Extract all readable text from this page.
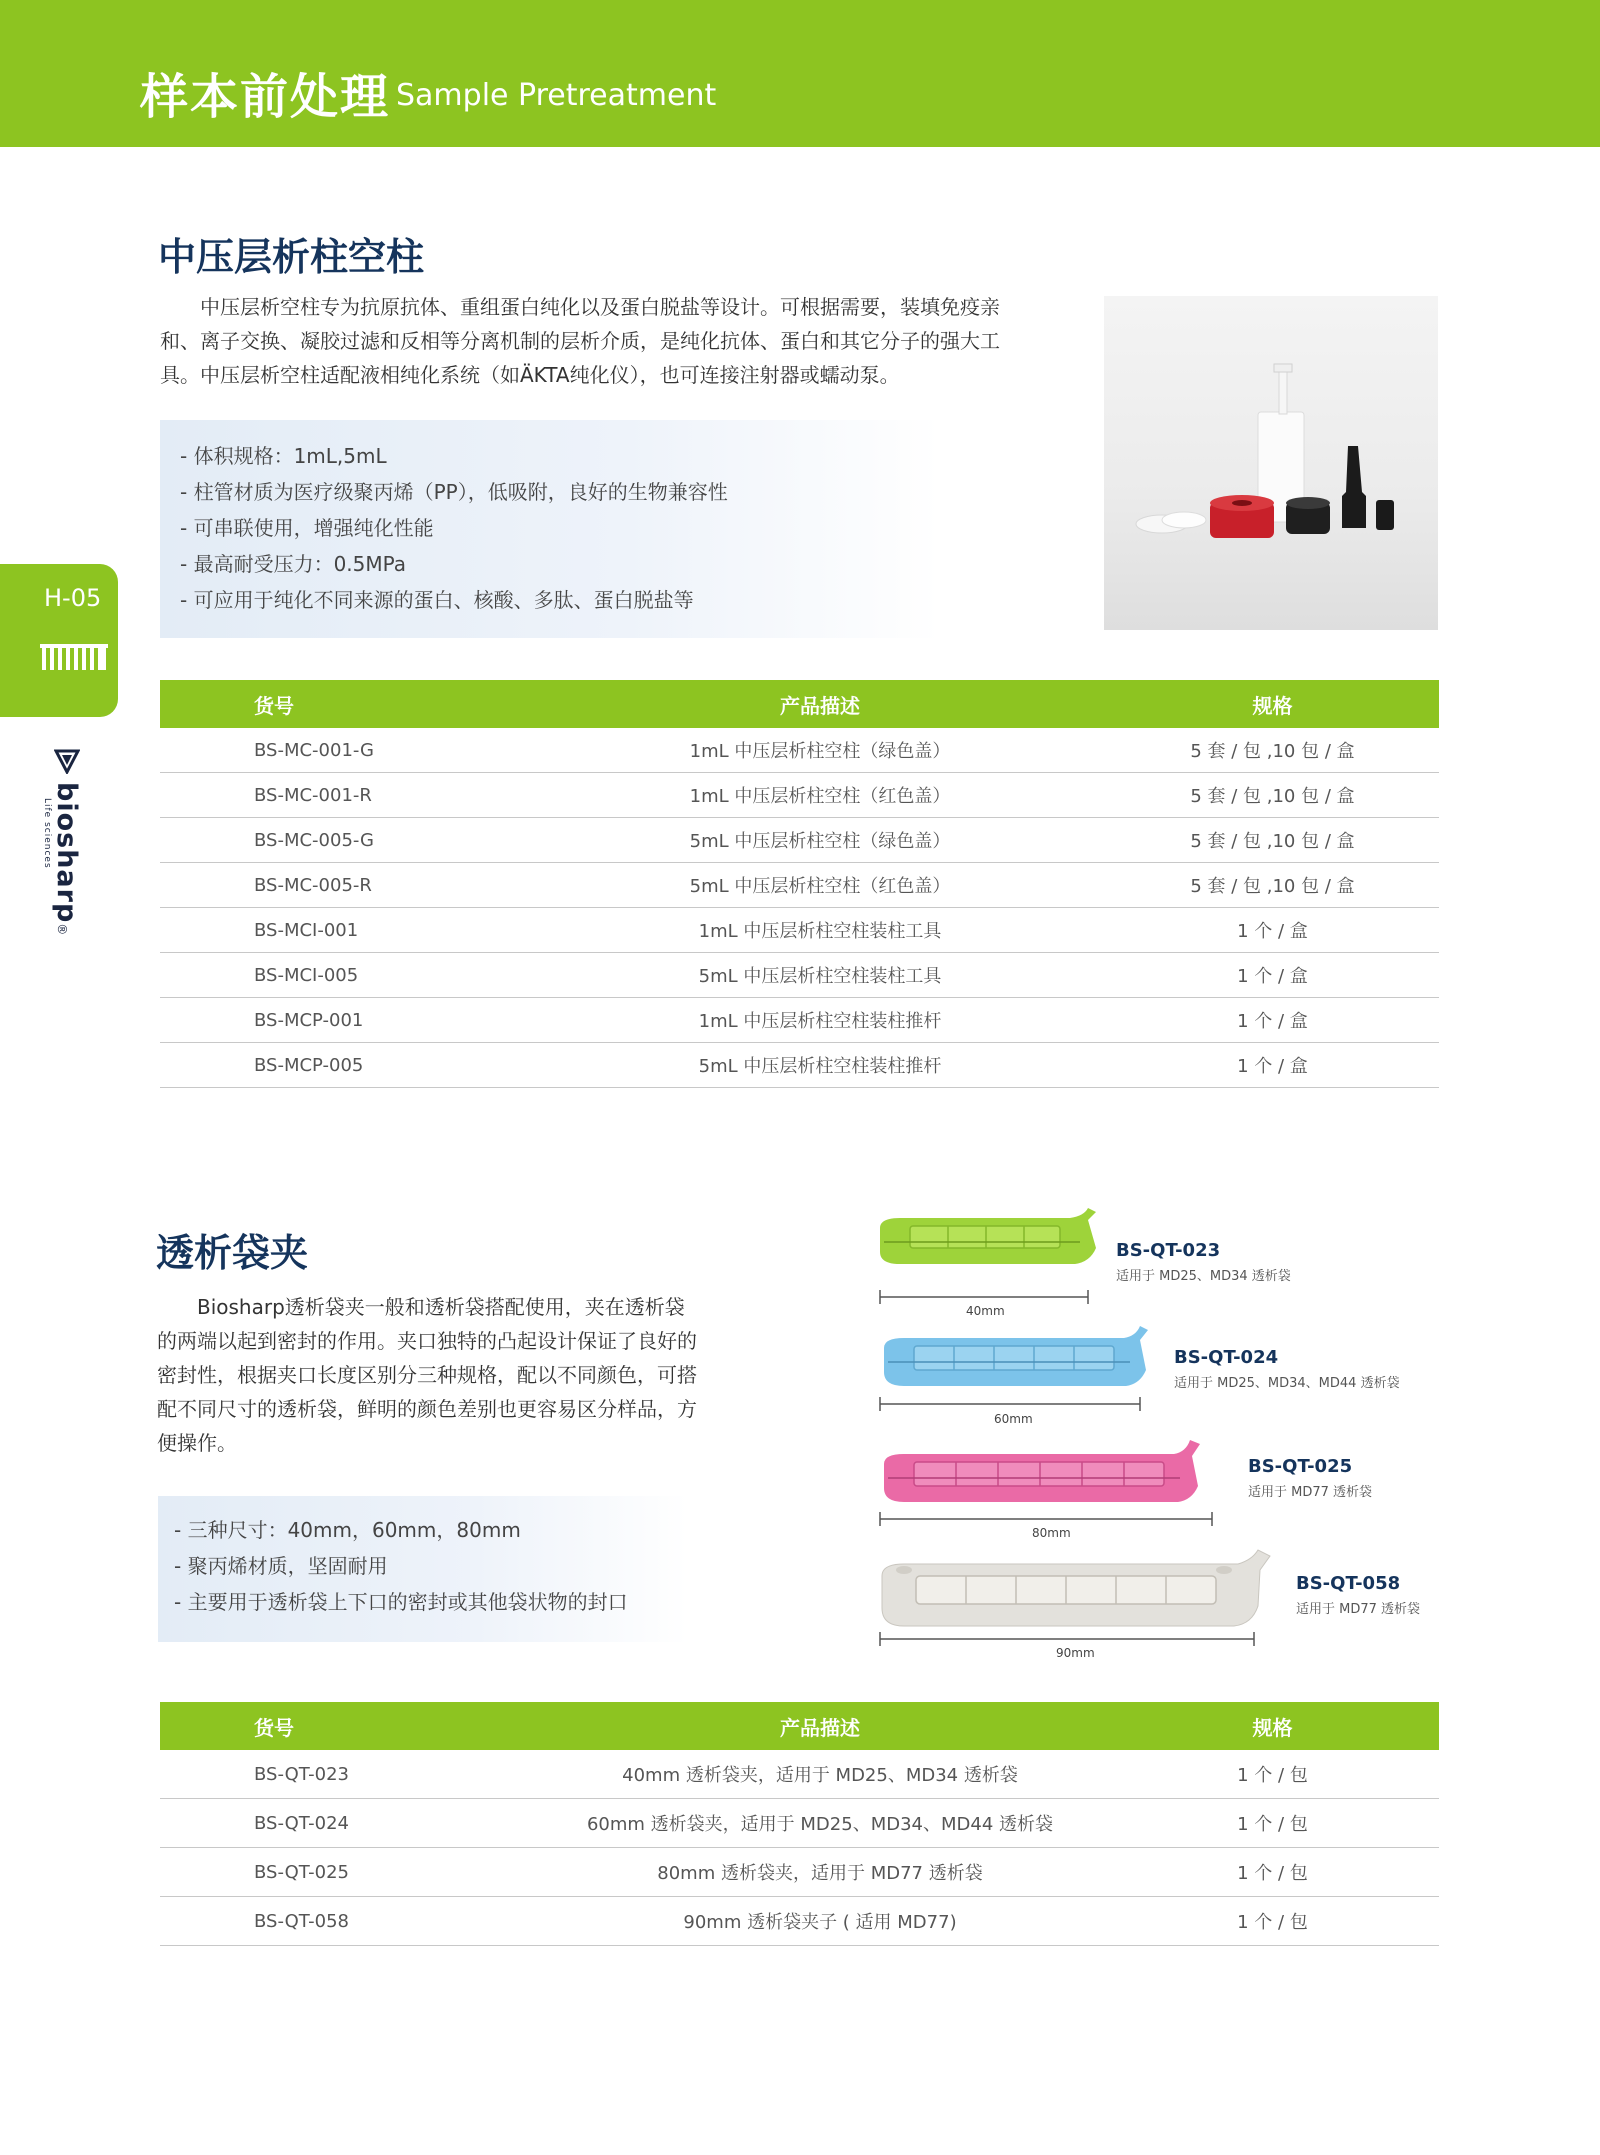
样本前处理 Sample Pretreatment
H-05
biosharp®
Life sciences
中压层析柱空柱

中压层析空柱专为抗原抗体、重组蛋白纯化以及蛋白脱盐等设计。可根据需要，装填免疫亲和、离子交换、凝胶过滤和反相等分离机制的层析介质，是纯化抗体、蛋白和其它分子的强大工具。中压层析空柱适配液相纯化系统（如ÄKTA纯化仪），也可连接注射器或蠕动泵。

- 体积规格：1mL,5mL
- 柱管材质为医疗级聚丙烯（PP），低吸附，良好的生物兼容性
- 可串联使用，增强纯化性能
- 最高耐受压力：0.5MPa
- 可应用于纯化不同来源的蛋白、核酸、多肽、蛋白脱盐等
货号	产品描述	规格
BS-MC-001-G	1mL 中压层析柱空柱（绿色盖）	5 套 / 包 ,10 包 / 盒
BS-MC-001-R	1mL 中压层析柱空柱（红色盖）	5 套 / 包 ,10 包 / 盒
BS-MC-005-G	5mL 中压层析柱空柱（绿色盖）	5 套 / 包 ,10 包 / 盒
BS-MC-005-R	5mL 中压层析柱空柱（红色盖）	5 套 / 包 ,10 包 / 盒
BS-MCI-001	1mL 中压层析柱空柱装柱工具	1 个 / 盒
BS-MCI-005	5mL 中压层析柱空柱装柱工具	1 个 / 盒
BS-MCP-001	1mL 中压层析柱空柱装柱推杆	1 个 / 盒
BS-MCP-005	5mL 中压层析柱空柱装柱推杆	1 个 / 盒
透析袋夹

Biosharp透析袋夹一般和透析袋搭配使用，夹在透析袋的两端以起到密封的作用。夹口独特的凸起设计保证了良好的密封性，根据夹口长度区别分三种规格，配以不同颜色，可搭配不同尺寸的透析袋，鲜明的颜色差别也更容易区分样品，方便操作。

- 三种尺寸：40mm，60mm，80mm
- 聚丙烯材质，坚固耐用
- 主要用于透析袋上下口的密封或其他袋状物的封口
40mm
BS-QT-023
适用于 MD25、MD34 透析袋
60mm
BS-QT-024
适用于 MD25、MD34、MD44 透析袋
80mm
BS-QT-025
适用于 MD77 透析袋
90mm
BS-QT-058
适用于 MD77 透析袋
货号	产品描述	规格
BS-QT-023	40mm 透析袋夹，适用于 MD25、MD34 透析袋	1 个 / 包
BS-QT-024	60mm 透析袋夹，适用于 MD25、MD34、MD44 透析袋	1 个 / 包
BS-QT-025	80mm 透析袋夹，适用于 MD77 透析袋	1 个 / 包
BS-QT-058	90mm 透析袋夹子 ( 适用 MD77)	1 个 / 包
